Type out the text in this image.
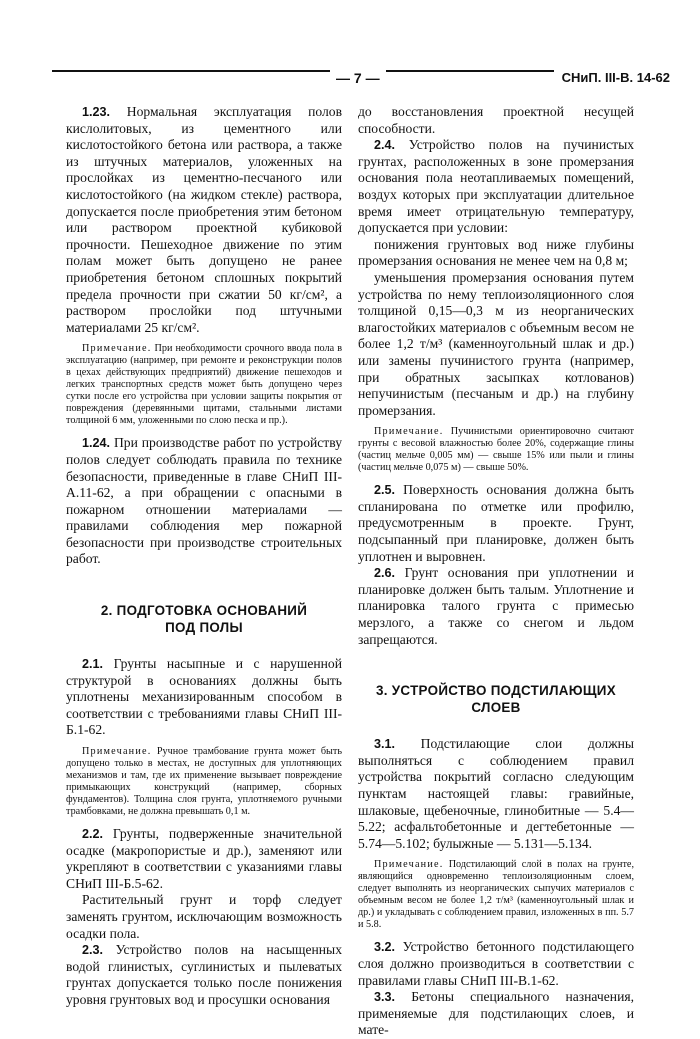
— 7 —	СНиП. III-В. 14-62

1.23. Нормальная эксплуатация полов кислолитовых, из цементного или кислотостойкого бетона или раствора, а также из штучных материалов, уложенных на прослойках из цементно-песчаного или кислотостойкого (на жидком стекле) раствора, допускается после приобретения этим бетоном или раствором проектной кубиковой прочности. Пешеходное движение по этим полам может быть допущено не ранее приобретения бетоном сплошных покрытий предела прочности при сжатии 50 кг/см², а раствором прослойки под штучными материалами 25 кг/см².

Примечание. При необходимости срочного ввода пола в эксплуатацию (например, при ремонте и реконструкции полов в цехах действующих предприятий) движение пешеходов и легких транспортных средств может быть допущено через сутки после его устройства при условии защиты покрытия от повреждения (деревянными щитами, стальными листами толщиной 6 мм, уложенными по слою песка и пр.).

1.24. При производстве работ по устройству полов следует соблюдать правила по технике безопасности, приведенные в главе СНиП III-А.11-62, а при обращении с опасными в пожарном отношении материалами — правилами соблюдения мер пожарной безопасности при производстве строительных работ.

2. ПОДГОТОВКА ОСНОВАНИЙ
ПОД ПОЛЫ

2.1. Грунты насыпные и с нарушенной структурой в основаниях должны быть уплотнены механизированным способом в соответствии с требованиями главы СНиП III-Б.1-62.

Примечание. Ручное трамбование грунта может быть допущено только в местах, не доступных для уплотняющих механизмов и там, где их применение вызывает повреждение примыкающих конструкций (например, сборных фундаментов). Толщина слоя грунта, уплотняемого ручными трамбовками, не должна превышать 0,1 м.

2.2. Грунты, подверженные значительной осадке (макропористые и др.), заменяют или укрепляют в соответствии с указаниями главы СНиП III-Б.5-62.

Растительный грунт и торф следует заменять грунтом, исключающим возможность осадки пола.

2.3. Устройство полов на насыщенных водой глинистых, суглинистых и пылеватых грунтах допускается только после понижения уровня грунтовых вод и просушки основания

до восстановления проектной несущей способности.

2.4. Устройство полов на пучинистых грунтах, расположенных в зоне промерзания основания пола неотапливаемых помещений, воздух которых при эксплуатации длительное время имеет отрицательную температуру, допускается при условии:

понижения грунтовых вод ниже глубины промерзания основания не менее чем на 0,8 м;

уменьшения промерзания основания путем устройства по нему теплоизоляционного слоя толщиной 0,15—0,3 м из неорганических влагостойких материалов с объемным весом не более 1,2 т/м³ (каменноугольный шлак и др.) или замены пучинистого грунта (например, при обратных засыпках котлованов) непучинистым (песчаным и др.) на глубину промерзания.

Примечание. Пучинистыми ориентировочно считают грунты с весовой влажностью более 20%, содержащие глины (частиц мельче 0,005 мм) — свыше 15% или пыли и глины (частиц мельче 0,075 м) — свыше 50%.

2.5. Поверхность основания должна быть спланирована по отметке или профилю, предусмотренным в проекте. Грунт, подсыпанный при планировке, должен быть уплотнен и выровнен.

2.6. Грунт основания при уплотнении и планировке должен быть талым. Уплотнение и планировка талого грунта с примесью мерзлого, а также со снегом и льдом запрещаются.

3. УСТРОЙСТВО ПОДСТИЛАЮЩИХ
СЛОЕВ

3.1. Подстилающие слои должны выполняться с соблюдением правил устройства покрытий согласно следующим пунктам настоящей главы: гравийные, шлаковые, щебеночные, глинобитные — 5.4—5.22; асфальтобетонные и дегтебетонные — 5.74—5.102; булыжные — 5.131—5.134.

Примечание. Подстилающий слой в полах на грунте, являющийся одновременно теплоизоляционным слоем, следует выполнять из неорганических сыпучих материалов с объемным весом не более 1,2 т/м³ (каменноугольный шлак и др.) и укладывать с соблюдением правил, изложенных в пп. 5.7 и 5.8.

3.2. Устройство бетонного подстилающего слоя должно производиться в соответствии с правилами главы СНиП III-В.1-62.

3.3. Бетоны специального назначения, применяемые для подстилающих слоев, и мате-
